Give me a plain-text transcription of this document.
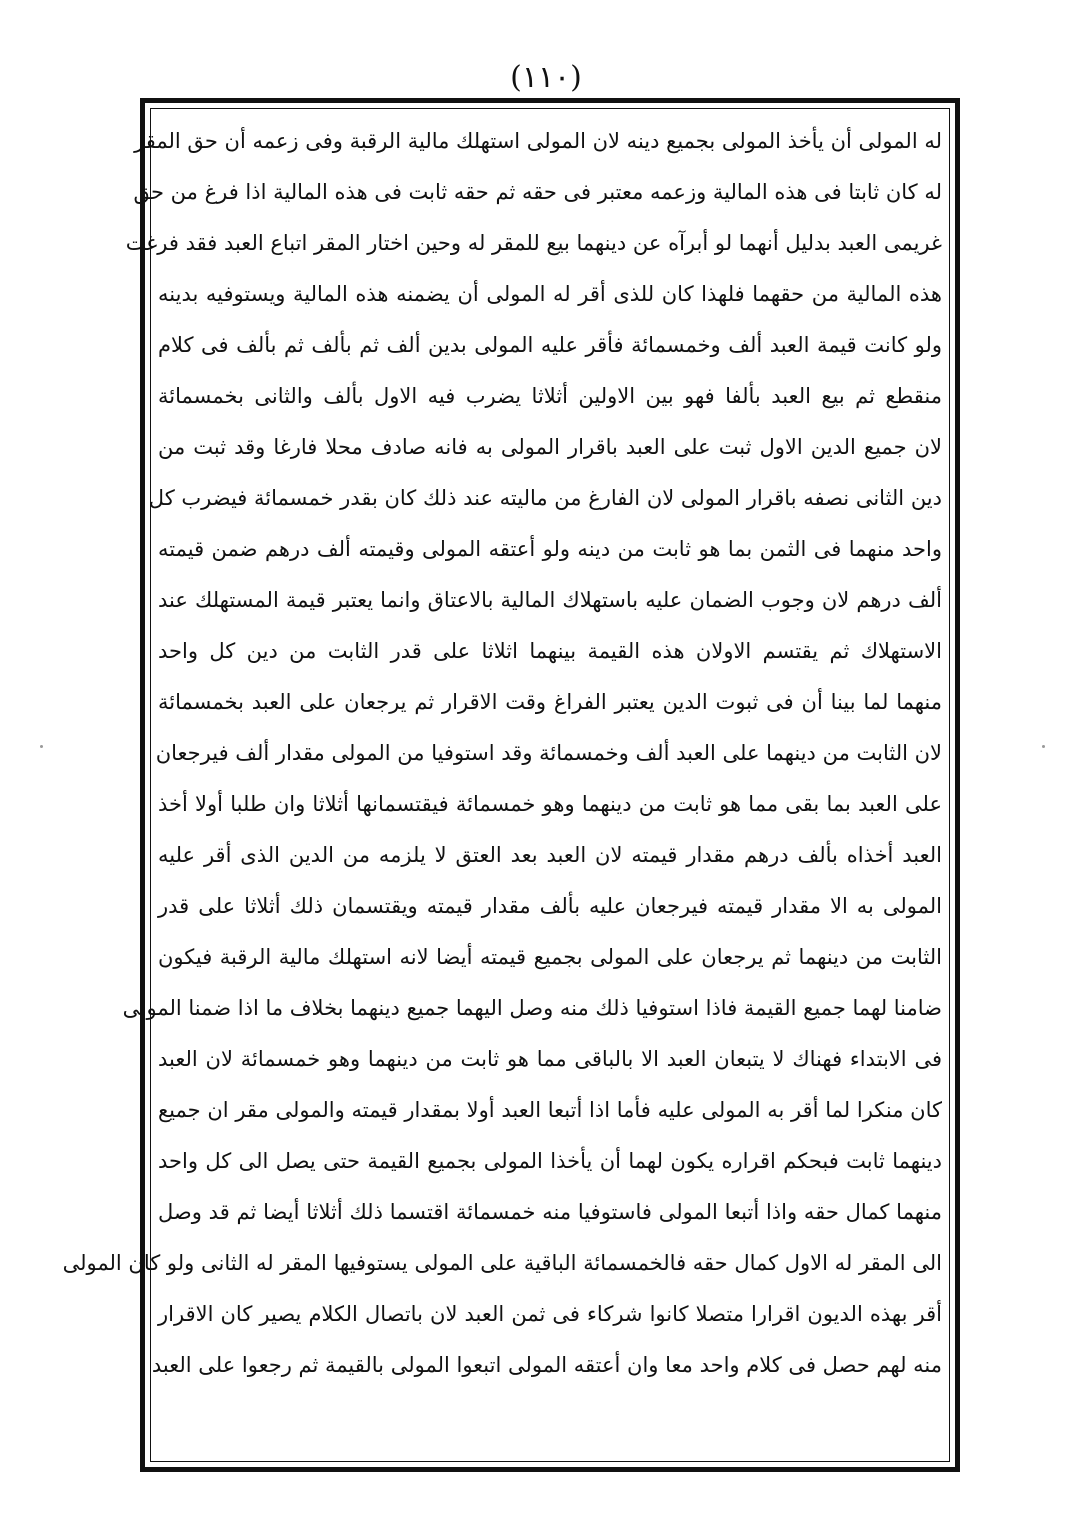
(١١٠)
له المولى أن يأخذ المولى بجميع دينه لان المولى استهلك مالية الرقبة وفى زعمه أن حق المقر
له كان ثابتا فى هذه المالية وزعمه معتبر فى حقه ثم حقه ثابت فى هذه المالية اذا فرغ من حق
غريمى العبد بدليل أنهما لو أبرآه عن دينهما بيع للمقر له وحين اختار المقر اتباع العبد فقد فرغت
هذه المالية من حقهما فلهذا كان للذى أقر له المولى أن يضمنه هذه المالية ويستوفيه بدينه
ولو كانت قيمة العبد ألف وخمسمائة فأقر عليه المولى بدين ألف ثم بألف ثم بألف فى كلام
منقطع ثم بيع العبد بألفا فهو بين الاولين أثلاثا يضرب فيه الاول بألف والثانى بخمسمائة
لان جميع الدين الاول ثبت على العبد باقرار المولى به فانه صادف محلا فارغا وقد ثبت من
دين الثانى نصفه باقرار المولى لان الفارغ من ماليته عند ذلك كان بقدر خمسمائة فيضرب كل
واحد منهما فى الثمن بما هو ثابت من دينه ولو أعتقه المولى وقيمته ألف درهم ضمن قيمته
ألف درهم لان وجوب الضمان عليه باستهلاك المالية بالاعتاق وانما يعتبر قيمة المستهلك عند
الاستهلاك ثم يقتسم الاولان هذه القيمة بينهما اثلاثا على قدر الثابت من دين كل واحد
منهما لما بينا أن فى ثبوت الدين يعتبر الفراغ وقت الاقرار ثم يرجعان على العبد بخمسمائة
لان الثابت من دينهما على العبد ألف وخمسمائة وقد استوفيا من المولى مقدار ألف فيرجعان
على العبد بما بقى مما هو ثابت من دينهما وهو خمسمائة فيقتسمانها أثلاثا وان طلبا أولا أخذ
العبد أخذاه بألف درهم مقدار قيمته لان العبد بعد العتق لا يلزمه من الدين الذى أقر عليه
المولى به الا مقدار قيمته فيرجعان عليه بألف مقدار قيمته ويقتسمان ذلك أثلاثا على قدر
الثابت من دينهما ثم يرجعان على المولى بجميع قيمته أيضا لانه استهلك مالية الرقبة فيكون
ضامنا لهما جميع القيمة فاذا استوفيا ذلك منه وصل اليهما جميع دينهما بخلاف ما اذا ضمنا المولى
فى الابتداء فهناك لا يتبعان العبد الا بالباقى مما هو ثابت من دينهما وهو خمسمائة لان العبد
كان منكرا لما أقر به المولى عليه فأما اذا أتبعا العبد أولا بمقدار قيمته والمولى مقر ان جميع
دينهما ثابت فبحكم اقراره يكون لهما أن يأخذا المولى بجميع القيمة حتى يصل الى كل واحد
منهما كمال حقه واذا أتبعا المولى فاستوفيا منه خمسمائة اقتسما ذلك أثلاثا أيضا ثم قد وصل
الى المقر له الاول كمال حقه فالخمسمائة الباقية على المولى يستوفيها المقر له الثانى ولو كان المولى
أقر بهذه الديون اقرارا متصلا كانوا شركاء فى ثمن العبد لان باتصال الكلام يصير كان الاقرار
منه لهم حصل فى كلام واحد معا وان أعتقه المولى اتبعوا المولى بالقيمة ثم رجعوا على العبد
